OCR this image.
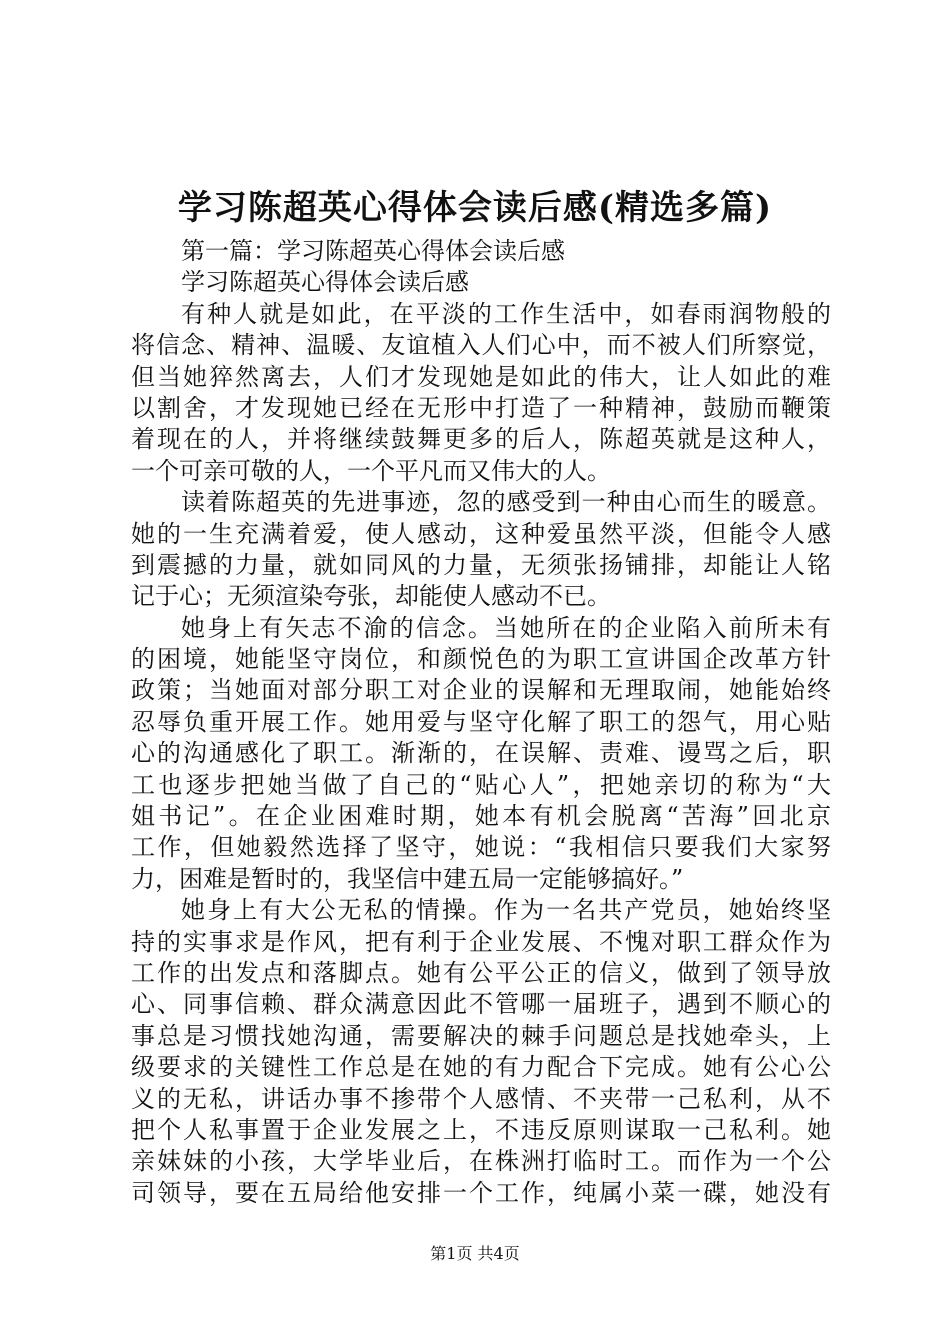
学习陈超英心得体会读后感(精选多篇)
第一篇：学习陈超英心得体会读后感
学习陈超英心得体会读后感
有种人就是如此，在平淡的工作生活中，如春雨润物般的
将信念、精神、温暖、友谊植入人们心中，而不被人们所察觉，
但当她猝然离去，人们才发现她是如此的伟大，让人如此的难
以割舍，才发现她已经在无形中打造了一种精神，鼓励而鞭策
着现在的人，并将继续鼓舞更多的后人，陈超英就是这种人，
一个可亲可敬的人，一个平凡而又伟大的人。
读着陈超英的先进事迹，忽的感受到一种由心而生的暖意。
她的一生充满着爱，使人感动，这种爱虽然平淡，但能令人感
到震撼的力量，就如同风的力量，无须张扬铺排，却能让人铭
记于心；无须渲染夸张，却能使人感动不已。
她身上有矢志不渝的信念。当她所在的企业陷入前所未有
的困境，她能坚守岗位，和颜悦色的为职工宣讲国企改革方针
政策；当她面对部分职工对企业的误解和无理取闹，她能始终
忍辱负重开展工作。她用爱与坚守化解了职工的怨气，用心贴
心的沟通感化了职工。渐渐的，在误解、责难、谩骂之后，职
工也逐步把她当做了自己的“贴心人”，把她亲切的称为“大
姐书记”。在企业困难时期，她本有机会脱离“苦海”回北京
工作，但她毅然选择了坚守，她说：“我相信只要我们大家努
力，困难是暂时的，我坚信中建五局一定能够搞好。”
她身上有大公无私的情操。作为一名共产党员，她始终坚
持的实事求是作风，把有利于企业发展、不愧对职工群众作为
工作的出发点和落脚点。她有公平公正的信义，做到了领导放
心、同事信赖、群众满意因此不管哪一届班子，遇到不顺心的
事总是习惯找她沟通，需要解决的棘手问题总是找她牵头，上
级要求的关键性工作总是在她的有力配合下完成。她有公心公
义的无私，讲话办事不掺带个人感情、不夹带一己私利，从不
把个人私事置于企业发展之上，不违反原则谋取一己私利。她
亲妹妹的小孩，大学毕业后，在株洲打临时工。而作为一个公
司领导，要在五局给他安排一个工作，纯属小菜一碟，她没有
第1页 共4页
